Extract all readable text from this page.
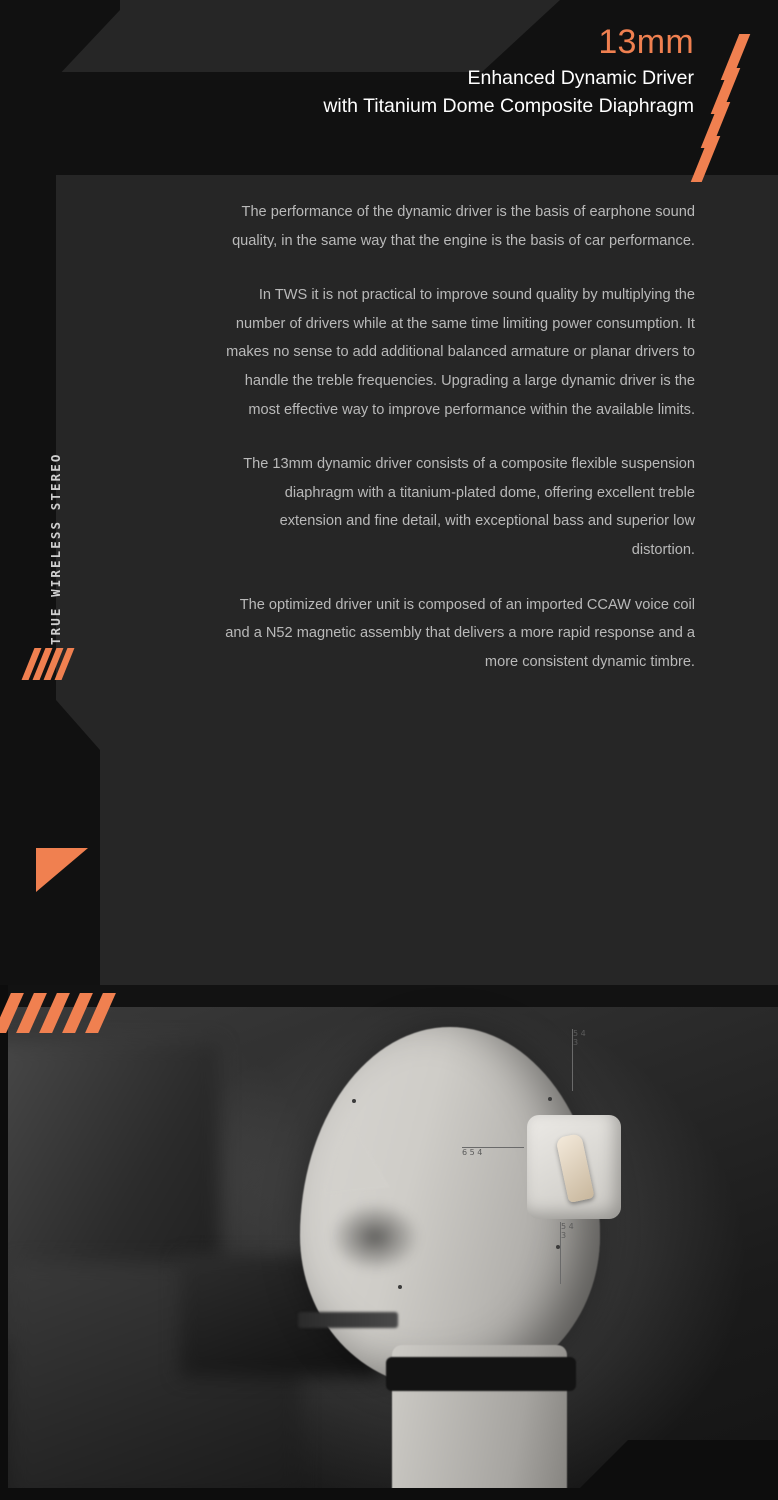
TRUE WIRELESS STEREO
13mm
Enhanced Dynamic Driver
with Titanium Dome Composite Diaphragm

The performance of the dynamic driver is the basis of earphone sound quality, in the same way that the engine is the basis of car performance.

In TWS it is not practical to improve sound quality by multiplying the number of drivers while at the same time limiting power consumption. It makes no sense to add additional balanced armature or planar drivers to handle the treble frequencies. Upgrading a large dynamic driver is the most effective way to improve performance within the available limits.

The 13mm dynamic driver consists of a composite flexible suspension diaphragm with a titanium-plated dome, offering excellent treble extension and fine detail, with exceptional bass and superior low distortion.

The optimized driver unit is composed of an imported CCAW voice coil and a N52 magnetic assembly that delivers a more rapid response and a more consistent dynamic timbre.

6 5 4
5 4 3
5 4 3
